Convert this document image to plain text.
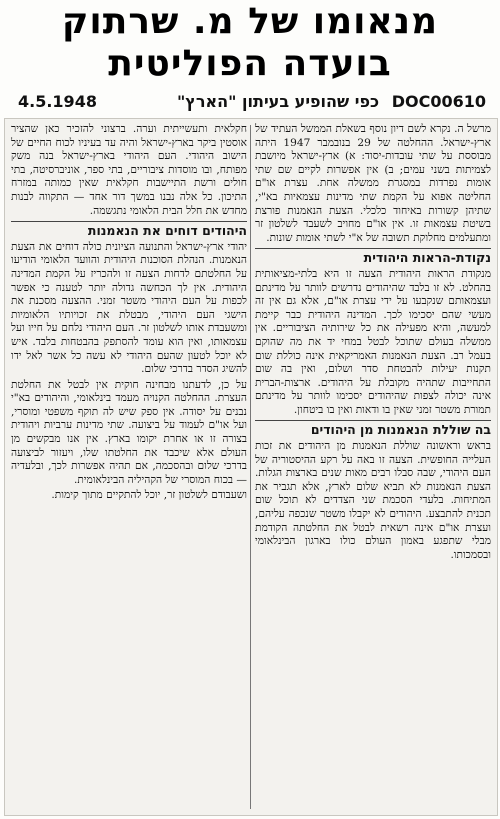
מנאומו של מ. שרתוק
בועדה הפוליטית
4.5.1948	כפי שהופיע בעיתון "הארץ" DOC00610

מרשל ה. נקרא לשם דיון נוסף בשאלת הממשל העתיד של ארץ-ישראל. ההחלטה של 29 בנובמבר 1947 היתה מבוססת על שתי עובדות-יסוד: א) ארץ-ישראל מיושבת לצמיתות בשני עמים; ב) אין אפשרות לקיים שם שתי אומות נפרדות במסגרת ממשלה אחת. עצרת או"ם החליטה אפוא על הקמת שתי מדינות עצמאיות בא"י, שתיהן קשורות באיחוד כלכלי. הצעת הנאמנות פורצת בשיטת עצמאות זו. אין או"ם מחויב לשעבד לשלטון זר ומתעלמים מחלוקת תשובה של א"י לשתי אומות שונות.

נקודת-הראות היהודית

מנקודת הראות היהודית הצעה זו היא בלתי-מציאותית בהחלט. לא זו בלבד שהיהודים נדרשים לוותר על מדינתם ועצמאותם שנקבעו על ידי עצרת או"ם, אלא גם אין זה מעשי שהם יסכימו לכך. המדינה היהודית כבר קיימת למעשה, והיא מפעילה את כל שירותיה הציבוריים. אין ממשלה בעולם שתוכל לבטל במחי יד את מה שהוקם בעמל רב. הצעת הנאמנות האמריקאית אינה כוללת שום תקנות יעילות להבטחת סדר ושלום, ואין בה שום התחייבות שתהיה מקובלת על היהודים. ארצות-הברית אינה יכולה לצפות שהיהודים יסכימו לוותר על מדינתם תמורת משטר זמני שאין בו ודאות ואין בו ביטחון.

בה שוללת הנאמנות מן היהודים

בראש וראשונה שוללת הנאמנות מן היהודים את זכות העלייה החופשית. הצעה זו באה על רקע ההיסטוריה של העם היהודי, שבה סבלו רבים מאות שנים בארצות הגלות. הצעת הנאמנות לא תביא שלום לארץ, אלא תגביר את המתיחות. בלעדי הסכמת שני הצדדים לא תוכל שום תכנית להתבצע. היהודים לא יקבלו משטר שנכפה עליהם, ועצרת או"ם אינה רשאית לבטל את החלטתה הקודמת מבלי שתפגע באמון העולם כולו בארגון הבינלאומי ובסמכותו.

חקלאית ותעשייתית וערה. ברצוני להזכיר כאן שהציר אוסטין ביקר בארץ-ישראל והיה עד בעיניו לכוח החיים של הישוב היהודי. העם היהודי בארץ-ישראל בנה משק מפותח, ובו מוסדות ציבוריים, בתי ספר, אוניברסיטה, בתי חולים ורשת התיישבות חקלאית שאין כמותה במזרח התיכון. כל אלה נבנו במשך דור אחד — התקווה לבנות מחדש את חלל הבית הלאומי נתגשמה.

היהודים דוחים את הנאמנות

יהודי ארץ-ישראל והתנועה הציונית כולה דוחים את הצעת הנאמנות. הנהלת הסוכנות היהודית והוועד הלאומי הודיעו על החלטתם לדחות הצעה זו ולהכריז על הקמת המדינה היהודית. אין לך הכחשה גדולה יותר לטענה כי אפשר לכפות על העם היהודי משטר זמני. ההצעה מסכנת את הישגי העם היהודי, מבטלת את זכויותיו הלאומיות ומשעבדת אותו לשלטון זר. העם היהודי נלחם על חייו ועל עצמאותו, ואין הוא עומד להסתפק בהבטחות בלבד. איש לא יוכל לטעון שהעם היהודי לא עשה כל אשר לאל ידו להשיג הסדר בדרכי שלום.

על כן, לדעתנו מבחינה חוקית אין לבטל את החלטת העצרת. ההחלטה הקנויה מעמד בינלאומי, והיהודים בא"י נבנים על יסודה. אין ספק שיש לה תוקף משפטי ומוסרי, ועל או"ם לעמוד על ביצועה. שתי מדינות ערביות ויהודית בצורה זו או אחרת יקומו בארץ. אין אנו מבקשים מן העולם אלא שיכבד את החלטתו שלו, ויעזור לביצועה בדרכי שלום ובהסכמה, אם תהיה אפשרות לכך, ובלעדיה — בכוח המוסרי של הקהיליה הבינלאומית.

ושעבודם לשלטון זר, יוכל להתקיים מתוך קימות.
